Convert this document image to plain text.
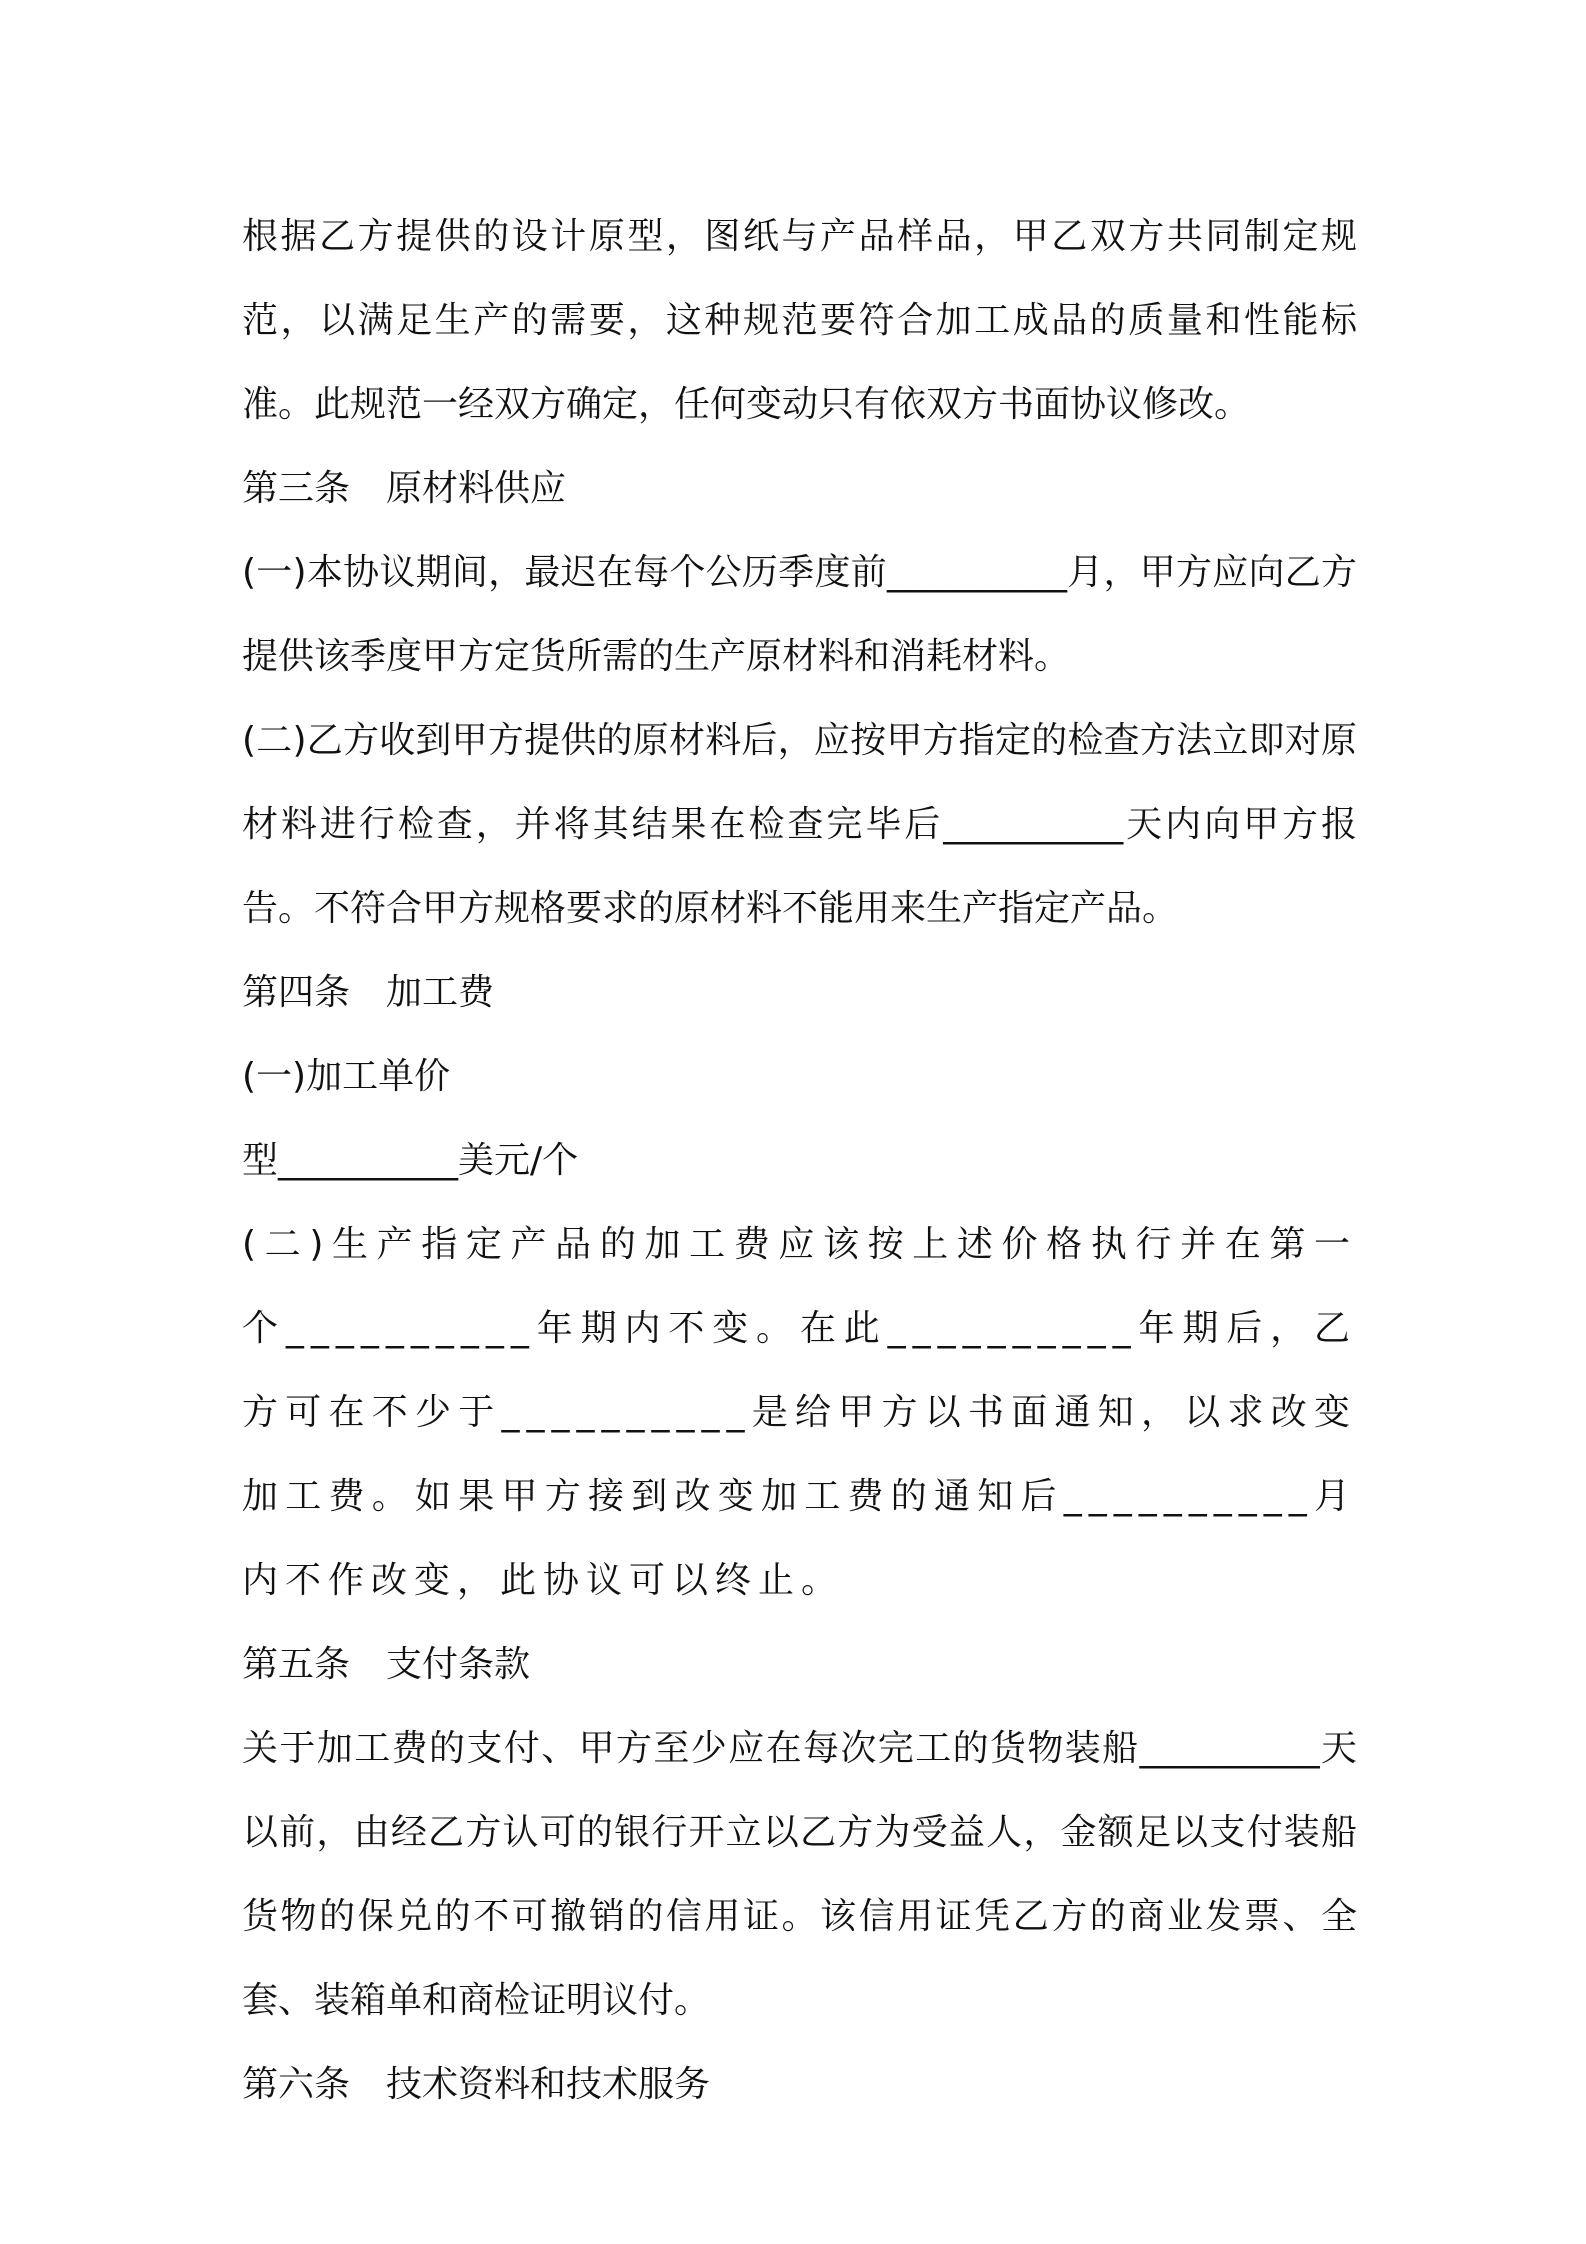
根据乙方提供的设计原型，图纸与产品样品，甲乙双方共同制定规范，以满足生产的需要，这种规范要符合加工成品的质量和性能标准。此规范一经双方确定，任何变动只有依双方书面协议修改。

第三条　原材料供应

(一)本协议期间，最迟在每个公历季度前__________月，甲方应向乙方提供该季度甲方定货所需的生产原材料和消耗材料。

(二)乙方收到甲方提供的原材料后，应按甲方指定的检查方法立即对原材料进行检查，并将其结果在检查完毕后__________天内向甲方报告。不符合甲方规格要求的原材料不能用来生产指定产品。

第四条　加工费

(一)加工单价

型__________美元/个

(二)生产指定产品的加工费应该按上述价格执行并在第一个__________年期内不变。在此__________年期后，乙方可在不少于__________是给甲方以书面通知，以求改变加工费。如果甲方接到改变加工费的通知后__________月内不作改变，此协议可以终止。

第五条　支付条款

关于加工费的支付、甲方至少应在每次完工的货物装船__________天以前，由经乙方认可的银行开立以乙方为受益人，金额足以支付装船货物的保兑的不可撤销的信用证。该信用证凭乙方的商业发票、全套、装箱单和商检证明议付。

第六条　技术资料和技术服务
